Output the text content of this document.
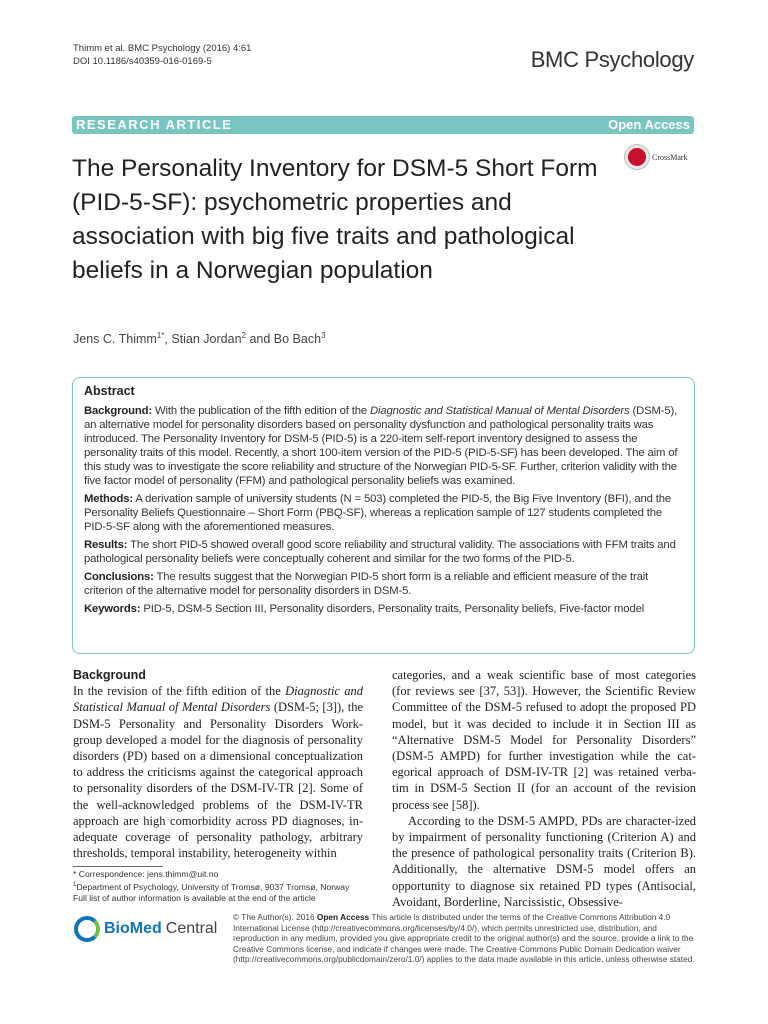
Thimm et al. BMC Psychology (2016) 4:61
DOI 10.1186/s40359-016-0169-5	BMC Psychology
RESEARCH ARTICLE	Open Access
The Personality Inventory for DSM-5 Short Form (PID-5-SF): psychometric properties and association with big five traits and pathological beliefs in a Norwegian population
CrossMark
Jens C. Thimm$^{1*}$, Stian Jordan$^2$ and Bo Bach$^3$
Abstract

Background: With the publication of the fifth edition of the Diagnostic and Statistical Manual of Mental Disorders (DSM-5), an alternative model for personality disorders based on personality dysfunction and pathological personality traits was introduced. The Personality Inventory for DSM-5 (PID-5) is a 220-item self-report inventory designed to assess the personality traits of this model. Recently, a short 100-item version of the PID-5 (PID-5-SF) has been developed. The aim of this study was to investigate the score reliability and structure of the Norwegian PID-5-SF. Further, criterion validity with the five factor model of personality (FFM) and pathological personality beliefs was examined.

Methods: A derivation sample of university students (N = 503) completed the PID-5, the Big Five Inventory (BFI), and the Personality Beliefs Questionnaire – Short Form (PBQ-SF), whereas a replication sample of 127 students completed the PID-5-SF along with the aforementioned measures.

Results: The short PID-5 showed overall good score reliability and structural validity. The associations with FFM traits and pathological personality beliefs were conceptually coherent and similar for the two forms of the PID-5.

Conclusions: The results suggest that the Norwegian PID-5 short form is a reliable and efficient measure of the trait criterion of the alternative model for personality disorders in DSM-5.

Keywords: PID-5, DSM-5 Section III, Personality disorders, Personality traits, Personality beliefs, Five-factor model

Background

In the revision of the fifth edition of the Diagnostic and Statistical Manual of Mental Disorders (DSM-5; [3]), the DSM-5 Personality and Personality Disorders Work-group developed a model for the diagnosis of personality disorders (PD) based on a dimensional conceptualization to address the criticisms against the categorical approach to personality disorders of the DSM-IV-TR [2]. Some of the well-acknowledged problems of the DSM-IV-TR approach are high comorbidity across PD diagnoses, in-adequate coverage of personality pathology, arbitrary thresholds, temporal instability, heterogeneity within

categories, and a weak scientific base of most categories (for reviews see [37, 53]). However, the Scientific Review Committee of the DSM-5 refused to adopt the proposed PD model, but it was decided to include it in Section III as “Alternative DSM-5 Model for Personality Disorders” (DSM-5 AMPD) for further investigation while the cat-egorical approach of DSM-IV-TR [2] was retained verba-tim in DSM-5 Section II (for an account of the revision process see [58]).

According to the DSM-5 AMPD, PDs are character-ized by impairment of personality functioning (Criterion A) and the presence of pathological personality traits (Criterion B). Additionally, the alternative DSM-5 model offers an opportunity to diagnose six retained PD types (Antisocial, Avoidant, Borderline, Narcissistic, Obsessive-

* Correspondence: jens.thimm@uit.no
$^1$Department of Psychology, University of Tromsø, 9037 Tromsø, Norway
Full list of author information is available at the end of the article
BioMed Central
© The Author(s). 2016 Open Access This article is distributed under the terms of the Creative Commons Attribution 4.0 International License (http://creativecommons.org/licenses/by/4.0/), which permits unrestricted use, distribution, and reproduction in any medium, provided you give appropriate credit to the original author(s) and the source, provide a link to the Creative Commons license, and indicate if changes were made. The Creative Commons Public Domain Dedication waiver (http://creativecommons.org/publicdomain/zero/1.0/) applies to the data made available in this article, unless otherwise stated.
